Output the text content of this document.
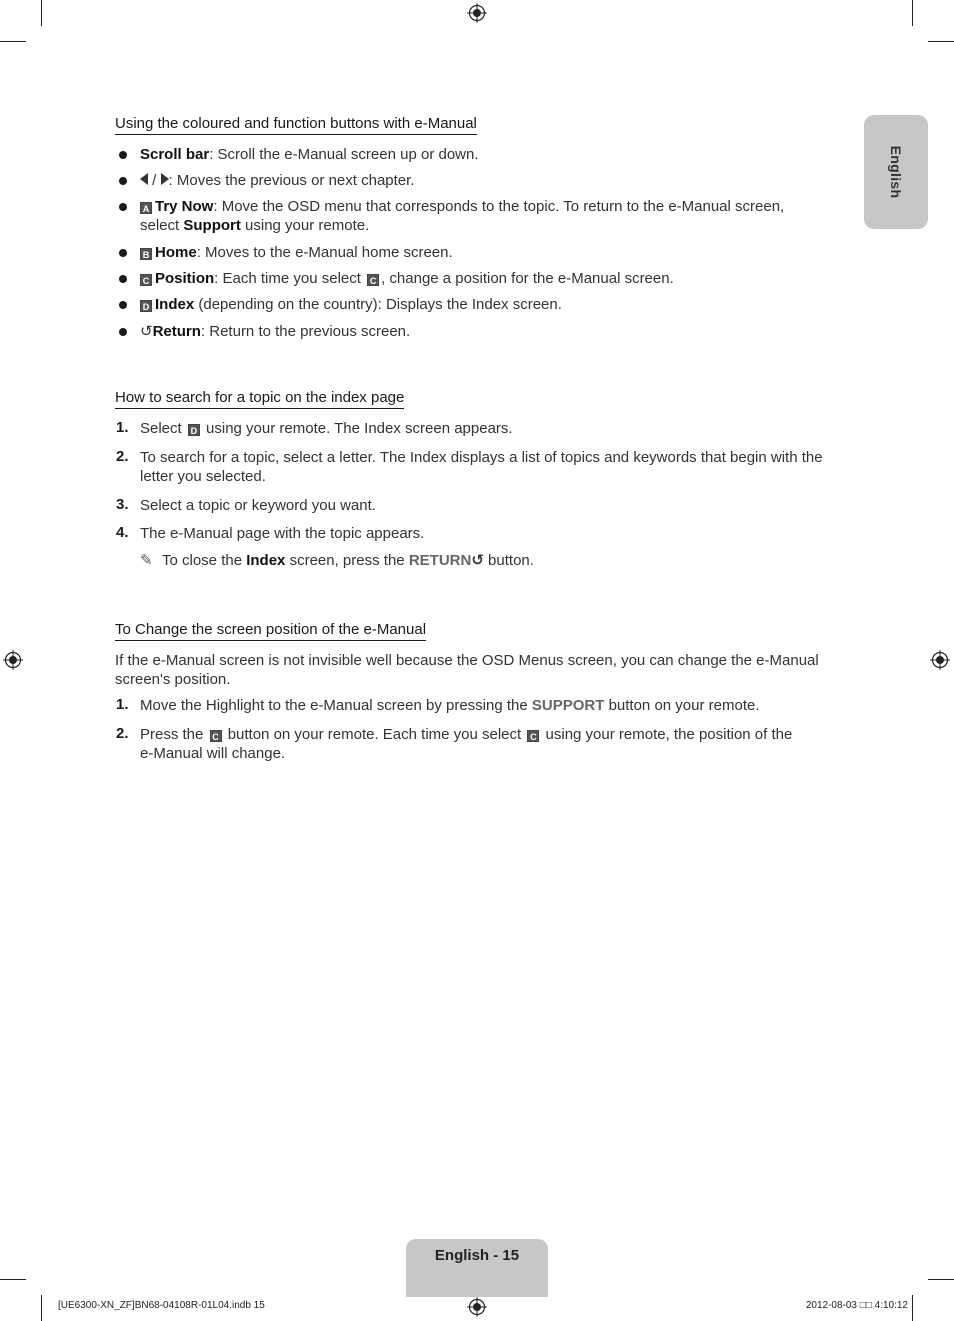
English
Using the coloured and function buttons with e-Manual
Scroll bar: Scroll the e-Manual screen up or down.
/ : Moves the previous or next chapter.
A Try Now: Move the OSD menu that corresponds to the topic. To return to the e-Manual screen,
select Support using your remote.
B Home: Moves to the e-Manual home screen.
C Position: Each time you select C , change a position for the e-Manual screen.
D Index (depending on the country): Displays the Index screen.
↺Return: Return to the previous screen.
How to search for a topic on the index page
1. Select D using your remote. The Index screen appears.
2. To search for a topic, select a letter. The Index displays a list of topics and keywords that begin with the
letter you selected.
3. Select a topic or keyword you want.
4. The e-Manual page with the topic appears.
✎ To close the Index screen, press the RETURN↺ button.
To Change the screen position of the e-Manual
If the e-Manual screen is not invisible well because the OSD Menus screen, you can change the e-Manual
screen's position.
1. Move the Highlight to the e-Manual screen by pressing the SUPPORT button on your remote.
2. Press the C button on your remote. Each time you select C using your remote, the position of the
e-Manual will change.
English - 15
[UE6300-XN_ZF]BN68-04108R-01L04.indb 15	2012-08-03 □□ 4:10:12
